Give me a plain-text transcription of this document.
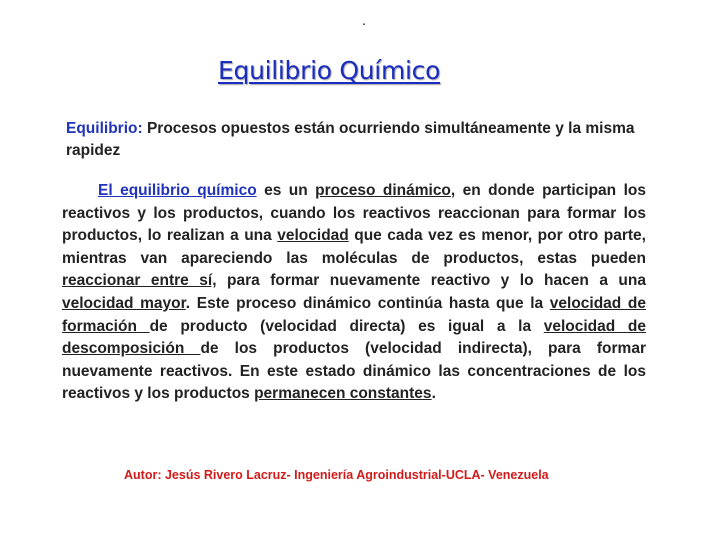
.
Equilibrio Químico
Equilibrio: Procesos opuestos están ocurriendo simultáneamente y la misma rapidez
El equilibrio químico es un proceso dinámico, en donde participan los reactivos y los productos, cuando los reactivos reaccionan para formar los productos, lo realizan a una velocidad que cada vez es menor, por otro parte, mientras van apareciendo las moléculas de productos, estas pueden reaccionar entre sí, para formar nuevamente reactivo y lo hacen a una velocidad mayor. Este proceso dinámico continúa hasta que la velocidad de formación de producto (velocidad directa) es igual a la velocidad de descomposición de los productos (velocidad indirecta), para formar nuevamente reactivos. En este estado dinámico las concentraciones de los reactivos y los productos permanecen constantes.
Autor: Jesús Rivero Lacruz- Ingeniería Agroindustrial-UCLA- Venezuela
